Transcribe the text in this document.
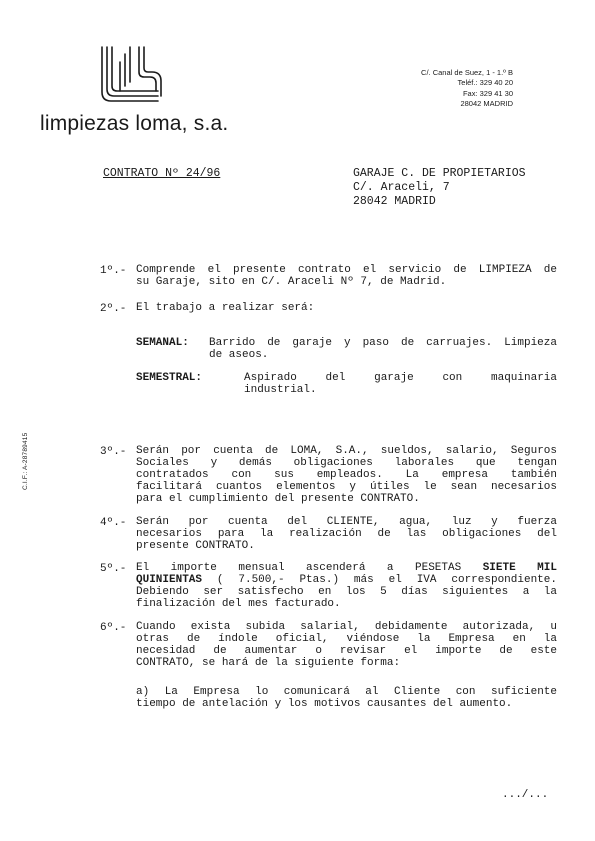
limpiezas loma, s.a.
C/. Canal de Suez, 1 - 1.º B
Teléf.: 329 40 20
Fax: 329 41 30
28042 MADRID
C.I.F.: A-28789415
CONTRATO Nº 24/96	GARAJE C. DE PROPIETARIOS
C/. Araceli, 7
28042 MADRID
1º.- Comprende el presente contrato el servicio de LIMPIEZA de
su Garaje, sito en C/. Araceli Nº 7, de Madrid.
2º.- El trabajo a realizar será:
SEMANAL: Barrido de garaje y paso de carruajes. Limpieza
de aseos.
SEMESTRAL:	Aspirado del garaje con maquinaria
industrial.
3º.- Serán por cuenta de LOMA, S.A., sueldos, salario, Seguros
Sociales y demás obligaciones laborales que tengan
contratados con sus empleados. La empresa también
facilitará cuantos elementos y útiles le sean necesarios
para el cumplimiento del presente CONTRATO.
4º.- Serán por cuenta del CLIENTE, agua, luz y fuerza
necesarios para la realización de las obligaciones del
presente CONTRATO.
5º.- El importe mensual ascenderá a PESETAS SIETE MIL
QUINIENTAS ( 7.500,- Ptas.) más el IVA correspondiente.
Debiendo ser satisfecho en los 5 días siguientes a la
finalización del mes facturado.
6º.- Cuando exista subida salarial, debidamente autorizada, u
otras de índole oficial, viéndose la Empresa en la
necesidad de aumentar o revisar el importe de este
CONTRATO, se hará de la siguiente forma:
a) La Empresa lo comunicará al Cliente con suficiente
tiempo de antelación y los motivos causantes del aumento.
.../...
